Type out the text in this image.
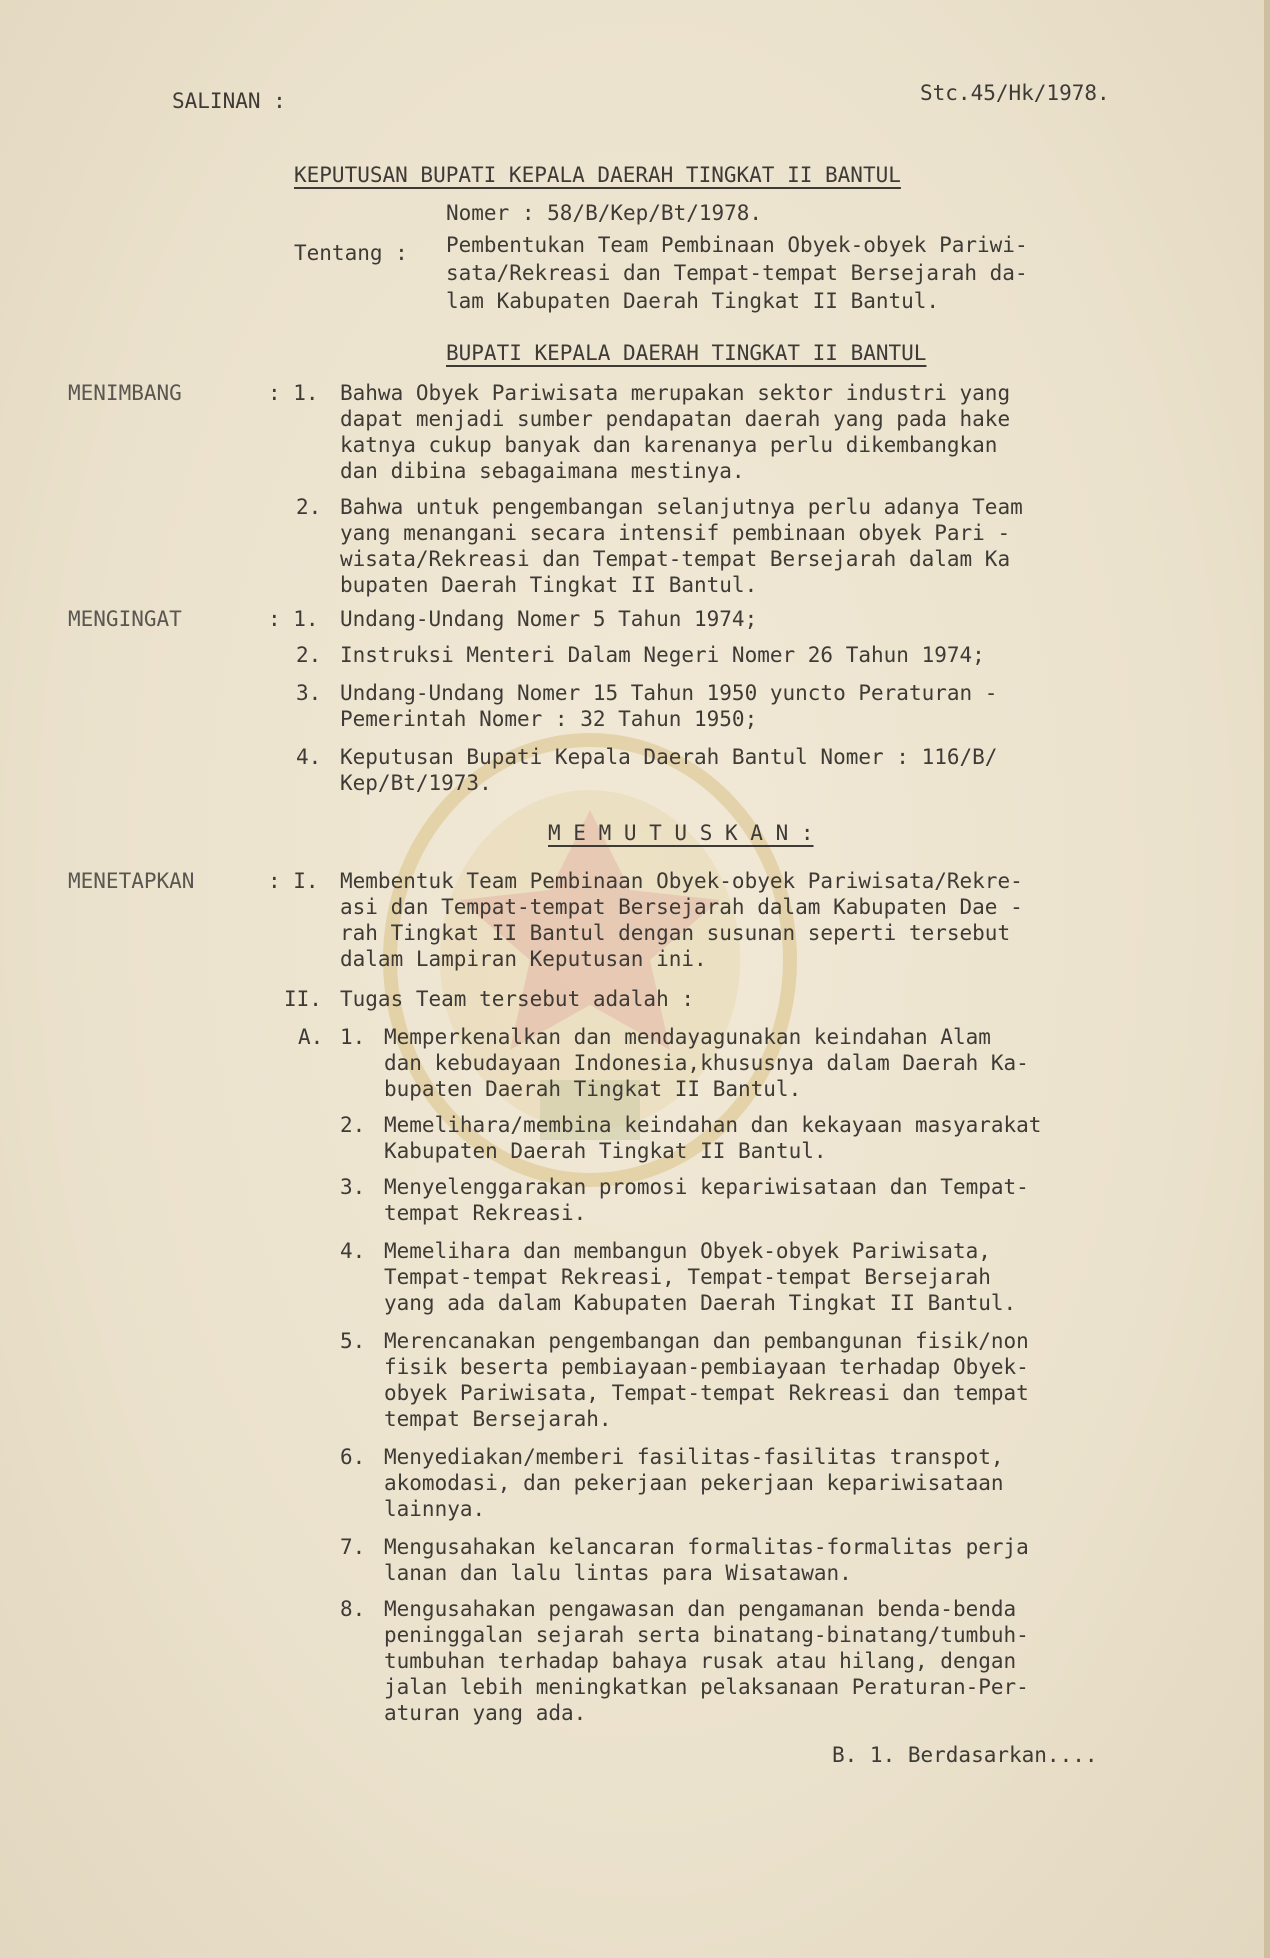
SALINAN :	Stc.45/Hk/1978.
KEPUTUSAN BUPATI KEPALA DAERAH TINGKAT II BANTUL
Nomer : 58/B/Kep/Bt/1978.
Tentang : Pembentukan Team Pembinaan Obyek-obyek Pariwi-
sata/Rekreasi dan Tempat-tempat Bersejarah da-
lam Kabupaten Daerah Tingkat II Bantul.
BUPATI KEPALA DAERAH TINGKAT II BANTUL
MENIMBANG	: 1. Bahwa Obyek Pariwisata merupakan sektor industri yang
dapat menjadi sumber pendapatan daerah yang pada hake
katnya cukup banyak dan karenanya perlu dikembangkan
dan dibina sebagaimana mestinya.
2. Bahwa untuk pengembangan selanjutnya perlu adanya Team
yang menangani secara intensif pembinaan obyek Pari -
wisata/Rekreasi dan Tempat-tempat Bersejarah dalam Ka
bupaten Daerah Tingkat II Bantul.
MENGINGAT	: 1. Undang-Undang Nomer 5 Tahun 1974;
2. Instruksi Menteri Dalam Negeri Nomer 26 Tahun 1974;
3. Undang-Undang Nomer 15 Tahun 1950 yuncto Peraturan -
Pemerintah Nomer : 32 Tahun 1950;
4. Keputusan Bupati Kepala Daerah Bantul Nomer : 116/B/
Kep/Bt/1973.
M E M U T U S K A N :
MENETAPKAN	: I. Membentuk Team Pembinaan Obyek-obyek Pariwisata/Rekre-
asi dan Tempat-tempat Bersejarah dalam Kabupaten Dae -
rah Tingkat II Bantul dengan susunan seperti tersebut
dalam Lampiran Keputusan ini.
II. Tugas Team tersebut adalah :
A. 1. Memperkenalkan dan mendayagunakan keindahan Alam
dan kebudayaan Indonesia,khususnya dalam Daerah Ka-
bupaten Daerah Tingkat II Bantul.
2. Memelihara/membina keindahan dan kekayaan masyarakat
Kabupaten Daerah Tingkat II Bantul.
3. Menyelenggarakan promosi kepariwisataan dan Tempat-
tempat Rekreasi.
4. Memelihara dan membangun Obyek-obyek Pariwisata,
Tempat-tempat Rekreasi, Tempat-tempat Bersejarah
yang ada dalam Kabupaten Daerah Tingkat II Bantul.
5. Merencanakan pengembangan dan pembangunan fisik/non
fisik beserta pembiayaan-pembiayaan terhadap Obyek-
obyek Pariwisata, Tempat-tempat Rekreasi dan tempat
tempat Bersejarah.
6. Menyediakan/memberi fasilitas-fasilitas transpot,
akomodasi, dan pekerjaan pekerjaan kepariwisataan
lainnya.
7. Mengusahakan kelancaran formalitas-formalitas perja
lanan dan lalu lintas para Wisatawan.
8. Mengusahakan pengawasan dan pengamanan benda-benda
peninggalan sejarah serta binatang-binatang/tumbuh-
tumbuhan terhadap bahaya rusak atau hilang, dengan
jalan lebih meningkatkan pelaksanaan Peraturan-Per-
aturan yang ada.
B. 1. Berdasarkan....
